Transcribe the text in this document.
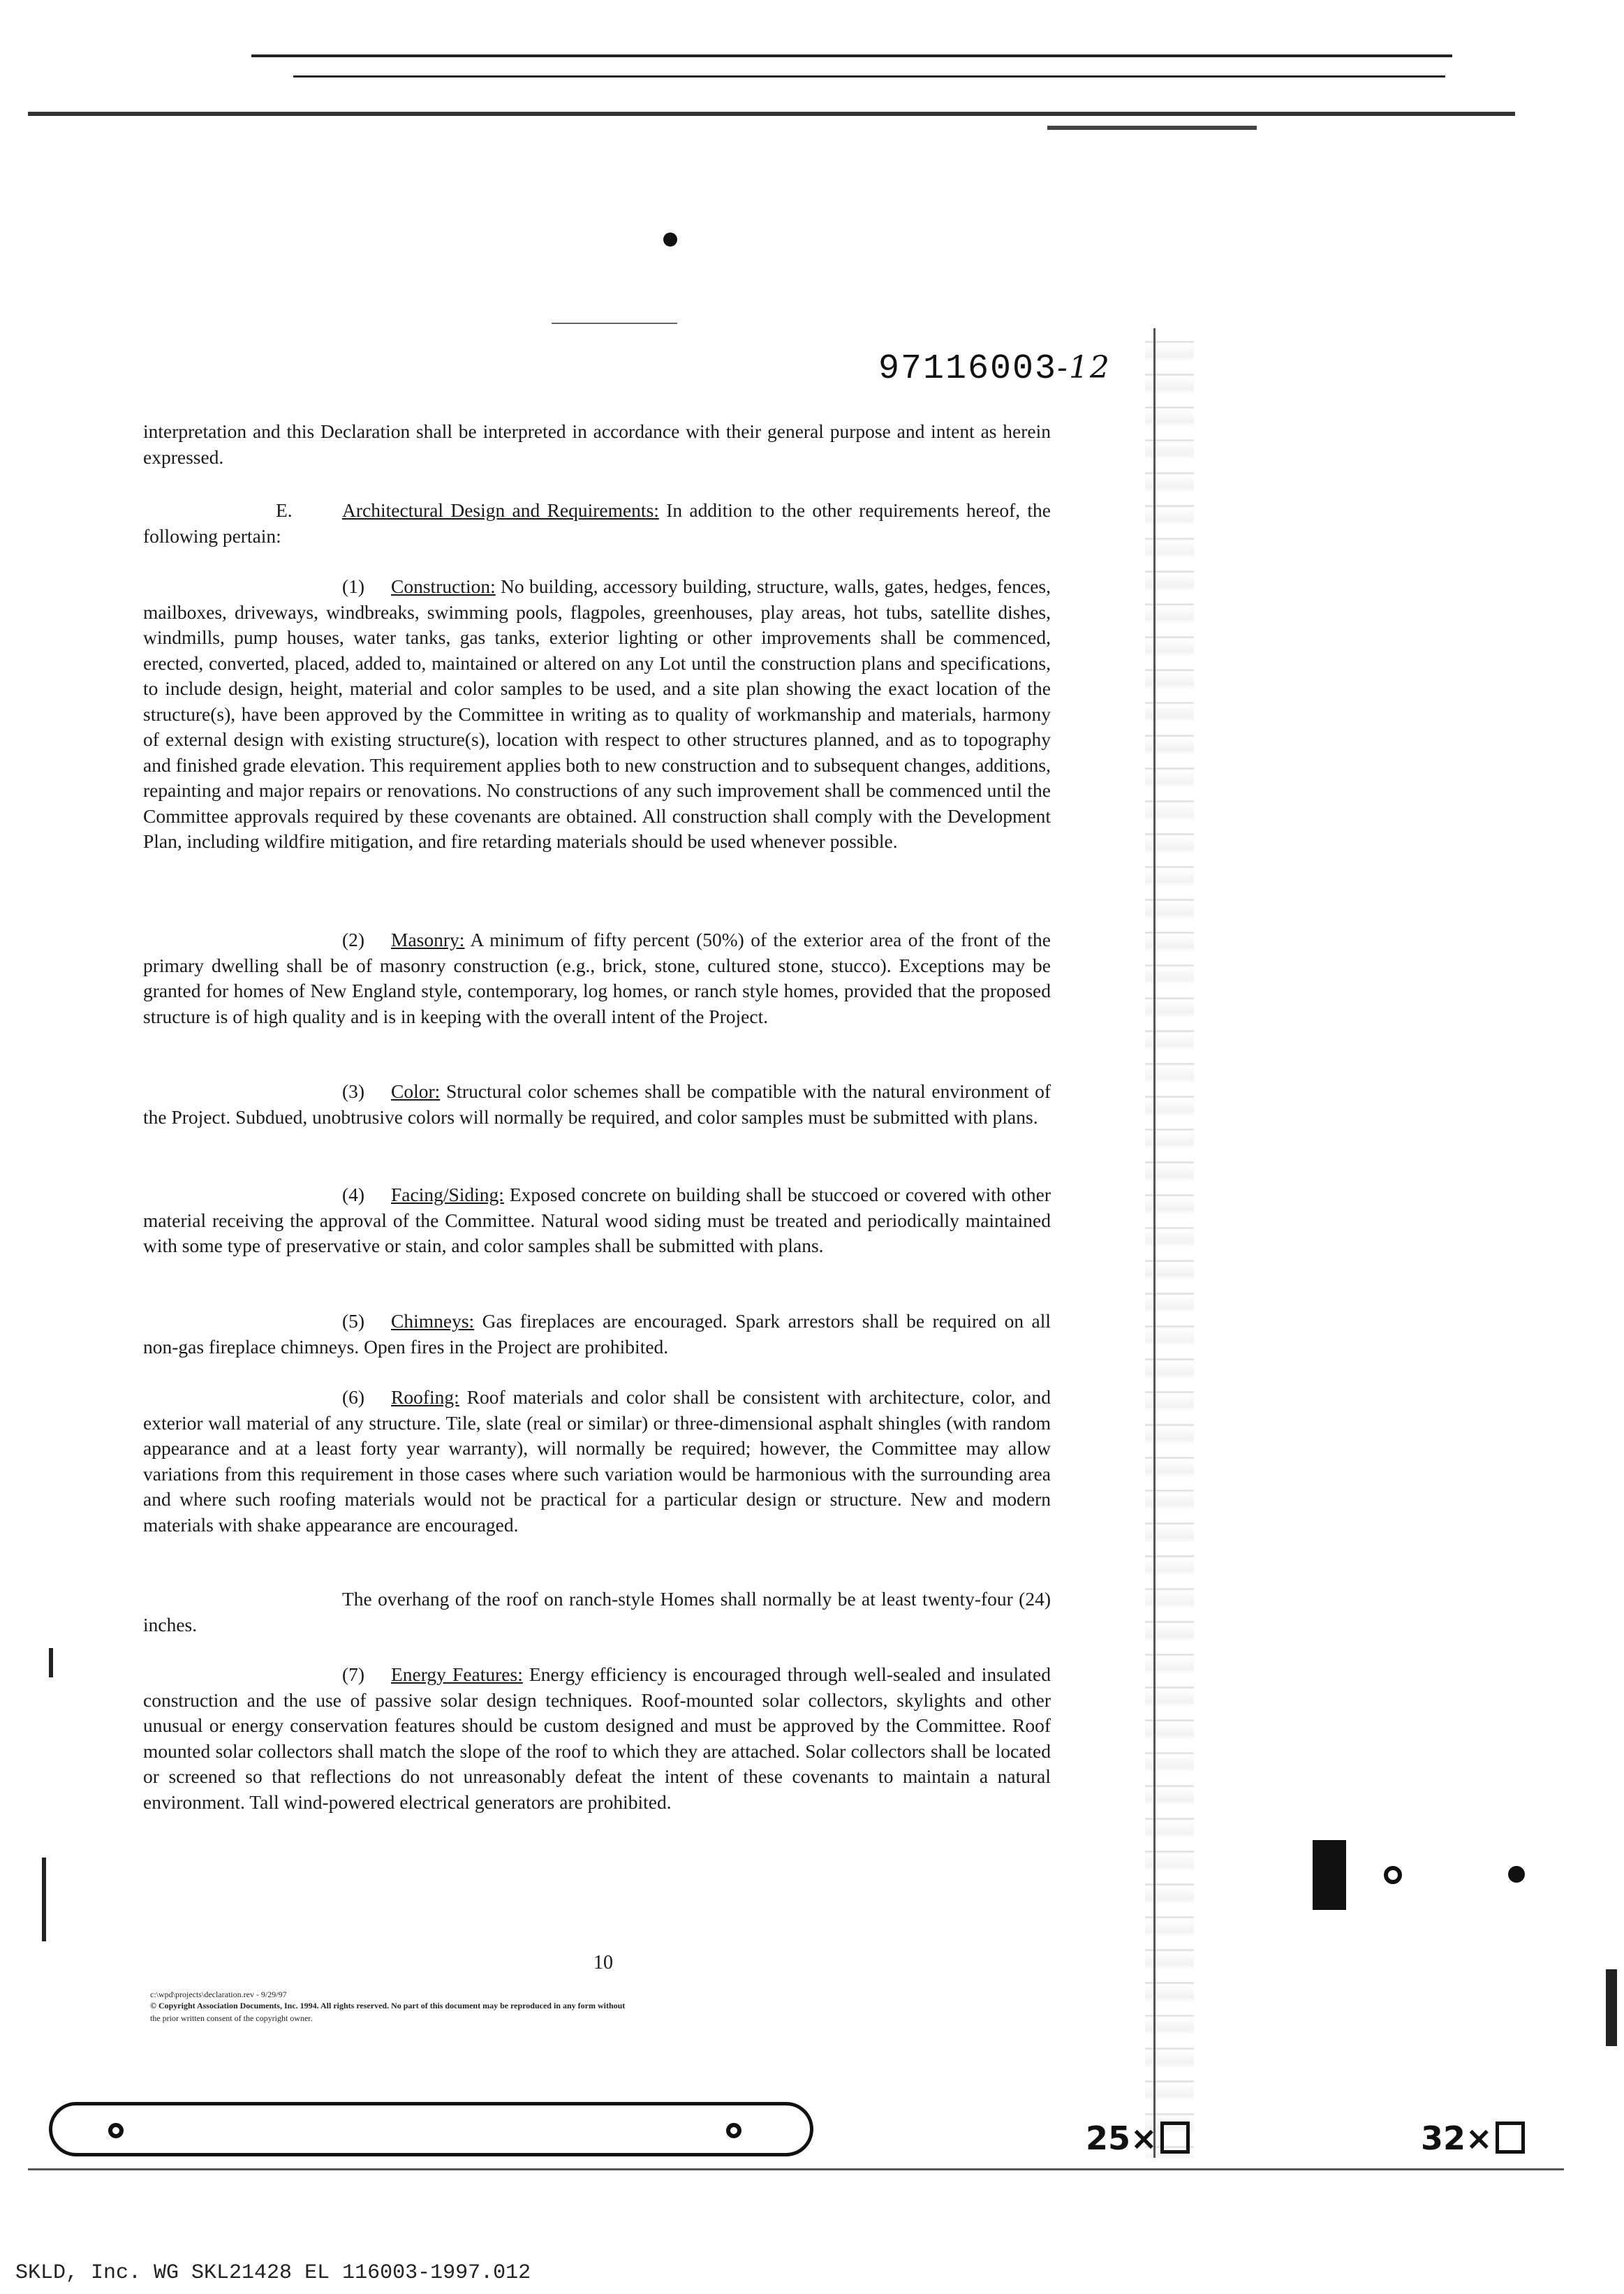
97116003-12

interpretation and this Declaration shall be interpreted in accordance with their general purpose and intent as herein expressed.

E.	Architectural Design and Requirements: In addition to the other requirements hereof, the following pertain:

(1) Construction: No building, accessory building, structure, walls, gates, hedges, fences, mailboxes, driveways, windbreaks, swimming pools, flagpoles, greenhouses, play areas, hot tubs, satellite dishes, windmills, pump houses, water tanks, gas tanks, exterior lighting or other improvements shall be commenced, erected, converted, placed, added to, maintained or altered on any Lot until the construction plans and specifications, to include design, height, material and color samples to be used, and a site plan showing the exact location of the structure(s), have been approved by the Committee in writing as to quality of workmanship and materials, harmony of external design with existing structure(s), location with respect to other structures planned, and as to topography and finished grade elevation. This requirement applies both to new construction and to subsequent changes, additions, repainting and major repairs or renovations. No constructions of any such improvement shall be commenced until the Committee approvals required by these covenants are obtained. All construction shall comply with the Development Plan, including wildfire mitigation, and fire retarding materials should be used whenever possible.

(2) Masonry: A minimum of fifty percent (50%) of the exterior area of the front of the primary dwelling shall be of masonry construction (e.g., brick, stone, cultured stone, stucco). Exceptions may be granted for homes of New England style, contemporary, log homes, or ranch style homes, provided that the proposed structure is of high quality and is in keeping with the overall intent of the Project.

(3) Color: Structural color schemes shall be compatible with the natural environment of the Project. Subdued, unobtrusive colors will normally be required, and color samples must be submitted with plans.

(4) Facing/Siding: Exposed concrete on building shall be stuccoed or covered with other material receiving the approval of the Committee. Natural wood siding must be treated and periodically maintained with some type of preservative or stain, and color samples shall be submitted with plans.

(5) Chimneys: Gas fireplaces are encouraged. Spark arrestors shall be required on all non-gas fireplace chimneys. Open fires in the Project are prohibited.

(6) Roofing: Roof materials and color shall be consistent with architecture, color, and exterior wall material of any structure. Tile, slate (real or similar) or three-dimensional asphalt shingles (with random appearance and at a least forty year warranty), will normally be required; however, the Committee may allow variations from this requirement in those cases where such variation would be harmonious with the surrounding area and where such roofing materials would not be practical for a particular design or structure. New and modern materials with shake appearance are encouraged.

The overhang of the roof on ranch-style Homes shall normally be at least twenty-four (24) inches.

(7) Energy Features: Energy efficiency is encouraged through well-sealed and insulated construction and the use of passive solar design techniques. Roof-mounted solar collectors, skylights and other unusual or energy conservation features should be custom designed and must be approved by the Committee. Roof mounted solar collectors shall match the slope of the roof to which they are attached. Solar collectors shall be located or screened so that reflections do not unreasonably defeat the intent of these covenants to maintain a natural environment. Tall wind-powered electrical generators are prohibited.

10
c:\wpd\projects\declaration.rev - 9/29/97
© Copyright Association Documents, Inc. 1994. All rights reserved. No part of this document may be reproduced in any form without
the prior written consent of the copyright owner.
25×	32×
SKLD, Inc. WG SKL21428 EL 116003-1997.012
